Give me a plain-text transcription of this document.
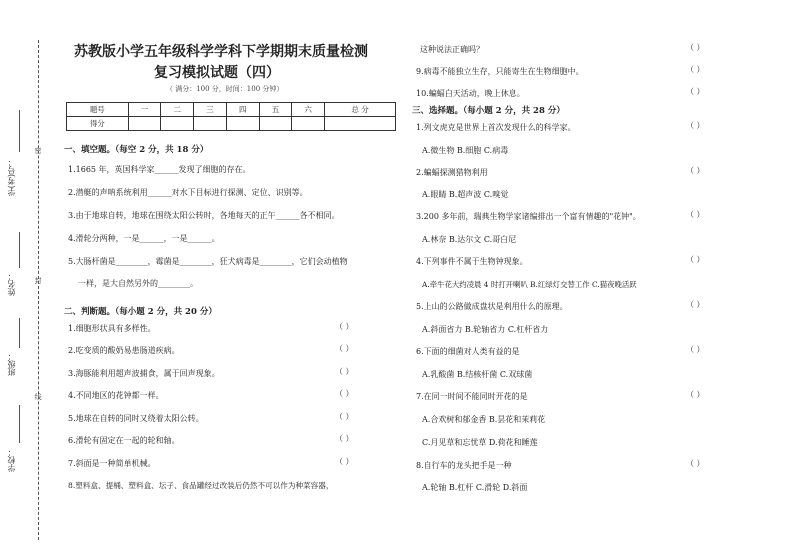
密
封
线
学(考)号：
姓名：
班级：
学校：
苏教版小学五年级科学学科下学期期末质量检测
复习模拟试题（四）
（ 满分：100 分，时间：100 分钟）
题号	一	二	三	四	五	六	总 分
得分							
一、填空题。（每空 2 分，共 18 分）
1.1665 年，英国科学家______发现了细胞的存在。
2.潜艇的声呐系统利用______对水下目标进行探测、定位、识别等。
3.由于地球自转，地球在围绕太阳公转时，各地每天的正午______各不相同。
4.滑轮分两种，一是______，一是______。
5.大肠杆菌是________，霉菌是________，狂犬病毒是________，它们会动植物
一样，是大自然另外的________。
二、判断题。（每小题 2 分，共 20 分）
1.细胞形状具有多样性。	（ ）
2.吃变质的酸奶易患肠道疾病。	（ ）
3.海豚能利用超声波捕食，属于回声现象。	（ ）
4.不同地区的花钟都一样。	（ ）
5.地球在自转的同时又绕着太阳公转。	（ ）
6.滑轮有固定在一起的轮和轴。	（ ）
7.斜面是一种简单机械。	（ ）
8.塑料盒、提桶、塑料盒、坛子、食品罐经过改装后仍然不可以作为种菜容器，
这种说法正确吗？	（ ）
9.病毒不能独立生存，只能寄生在生物细胞中。	（ ）
10.蝙蝠白天活动，晚上休息。	（ ）
三、选择题。（每小题 2 分，共 28 分）
1.列文虎克是世界上首次发现什么的科学家。	（ ）
A.微生物 B.细胞 C.病毒
2.蝙蝠探测猎物利用	（ ）
A.眼睛 B.超声波 C.嗅觉
3.200 多年前，瑞典生物学家诸编排出一个富有情趣的"花钟"。	（ ）
A.林奈 B.达尔文 C.哥白尼
4.下列事件不属于生物钟现象。	（ ）
A.牵牛花大约凌晨 4 时打开喇叭 B.红绿灯交替工作 C.猫夜晚活跃
5.上山的公路做成盘状是利用什么的原理。	（ ）
A.斜面省力 B.轮轴省力 C.杠杆省力
6.下面的细菌对人类有益的是	（ ）
A.乳酸菌 B.结核杆菌 C.双球菌
7.在同一时间不能同时开花的是	（ ）
A.合欢树和郁金香 B.昙花和茉莉花
C.月见草和忘忧草 D.荷花和睡莲
8.自行车的龙头把手是一种	（ ）
A.轮轴 B.杠杆 C.滑轮 D.斜面
